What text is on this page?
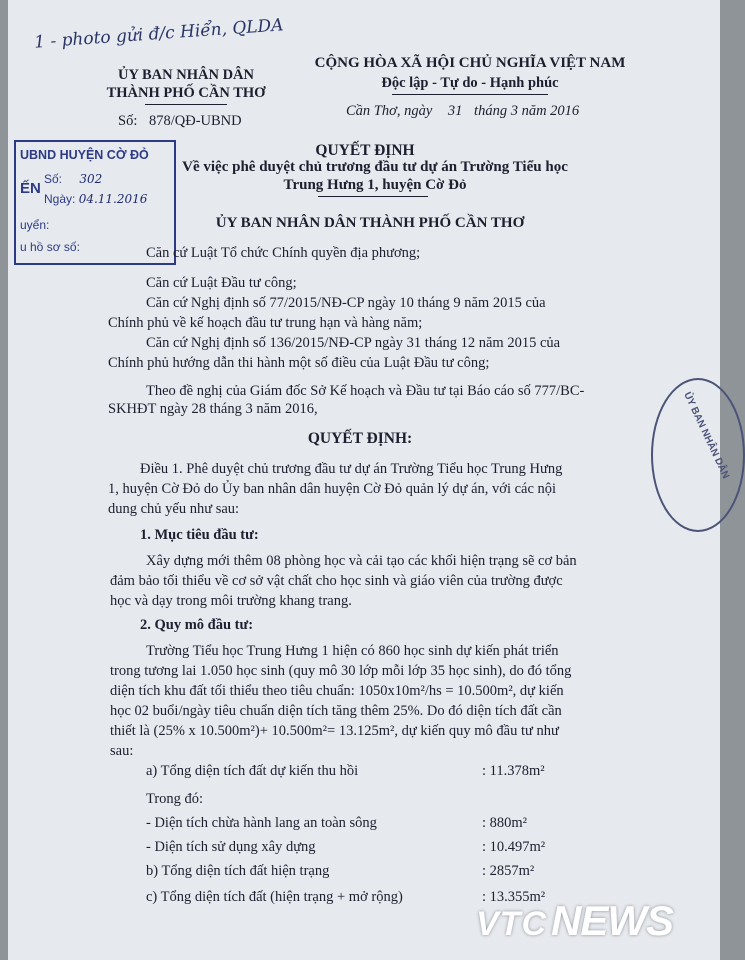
1 - photo gửi đ/c Hiển, QLDA
ỦY BAN NHÂN DÂN
THÀNH PHỐ CẦN THƠ
CỘNG HÒA XÃ HỘI CHỦ NGHĨA VIỆT NAM
Độc lập - Tự do - Hạnh phúc
Số: 878/QĐ-UBND
Cần Thơ, ngày 31 tháng 3 năm 2016
UBND HUYỆN CỜ ĐỎ
ẾN
Số: 302
Ngày: 04.11.2016
uyển:
u hồ sơ số:
QUYẾT ĐỊNH
Về việc phê duyệt chủ trương đầu tư dự án Trường Tiểu học
Trung Hưng 1, huyện Cờ Đỏ
ỦY BAN NHÂN DÂN THÀNH PHỐ CẦN THƠ
Căn cứ Luật Tổ chức Chính quyền địa phương;
Căn cứ Luật Đầu tư công;
Căn cứ Nghị định số 77/2015/NĐ-CP ngày 10 tháng 9 năm 2015 của
Chính phủ về kế hoạch đầu tư trung hạn và hàng năm;
Căn cứ Nghị định số 136/2015/NĐ-CP ngày 31 tháng 12 năm 2015 của
Chính phủ hướng dẫn thi hành một số điều của Luật Đầu tư công;
Theo đề nghị của Giám đốc Sở Kế hoạch và Đầu tư tại Báo cáo số 777/BC-
SKHĐT ngày 28 tháng 3 năm 2016,
QUYẾT ĐỊNH:
Điều 1. Phê duyệt chủ trương đầu tư dự án Trường Tiểu học Trung Hưng
1, huyện Cờ Đỏ do Ủy ban nhân dân huyện Cờ Đỏ quản lý dự án, với các nội
dung chủ yếu như sau:
1. Mục tiêu đầu tư:
Xây dựng mới thêm 08 phòng học và cải tạo các khối hiện trạng sẽ cơ bản
đảm bảo tối thiểu về cơ sở vật chất cho học sinh và giáo viên của trường được
học và dạy trong môi trường khang trang.
2. Quy mô đầu tư:
Trường Tiểu học Trung Hưng 1 hiện có 860 học sinh dự kiến phát triển
trong tương lai 1.050 học sinh (quy mô 30 lớp mỗi lớp 35 học sinh), do đó tổng
diện tích khu đất tối thiểu theo tiêu chuẩn: 1050x10m²/hs = 10.500m², dự kiến
học 02 buổi/ngày tiêu chuẩn diện tích tăng thêm 25%. Do đó diện tích đất cần
thiết là (25% x 10.500m²)+ 10.500m²= 13.125m², dự kiến quy mô đầu tư như
sau:
a) Tổng diện tích đất dự kiến thu hồi	: 11.378m²
Trong đó:
- Diện tích chừa hành lang an toàn sông	: 880m²
- Diện tích sử dụng xây dựng	: 10.497m²
b) Tổng diện tích đất hiện trạng	: 2857m²
c) Tổng diện tích đất (hiện trạng + mở rộng)	: 13.355m²
ỦY BAN NHÂN DÂN
VTCNEWS
